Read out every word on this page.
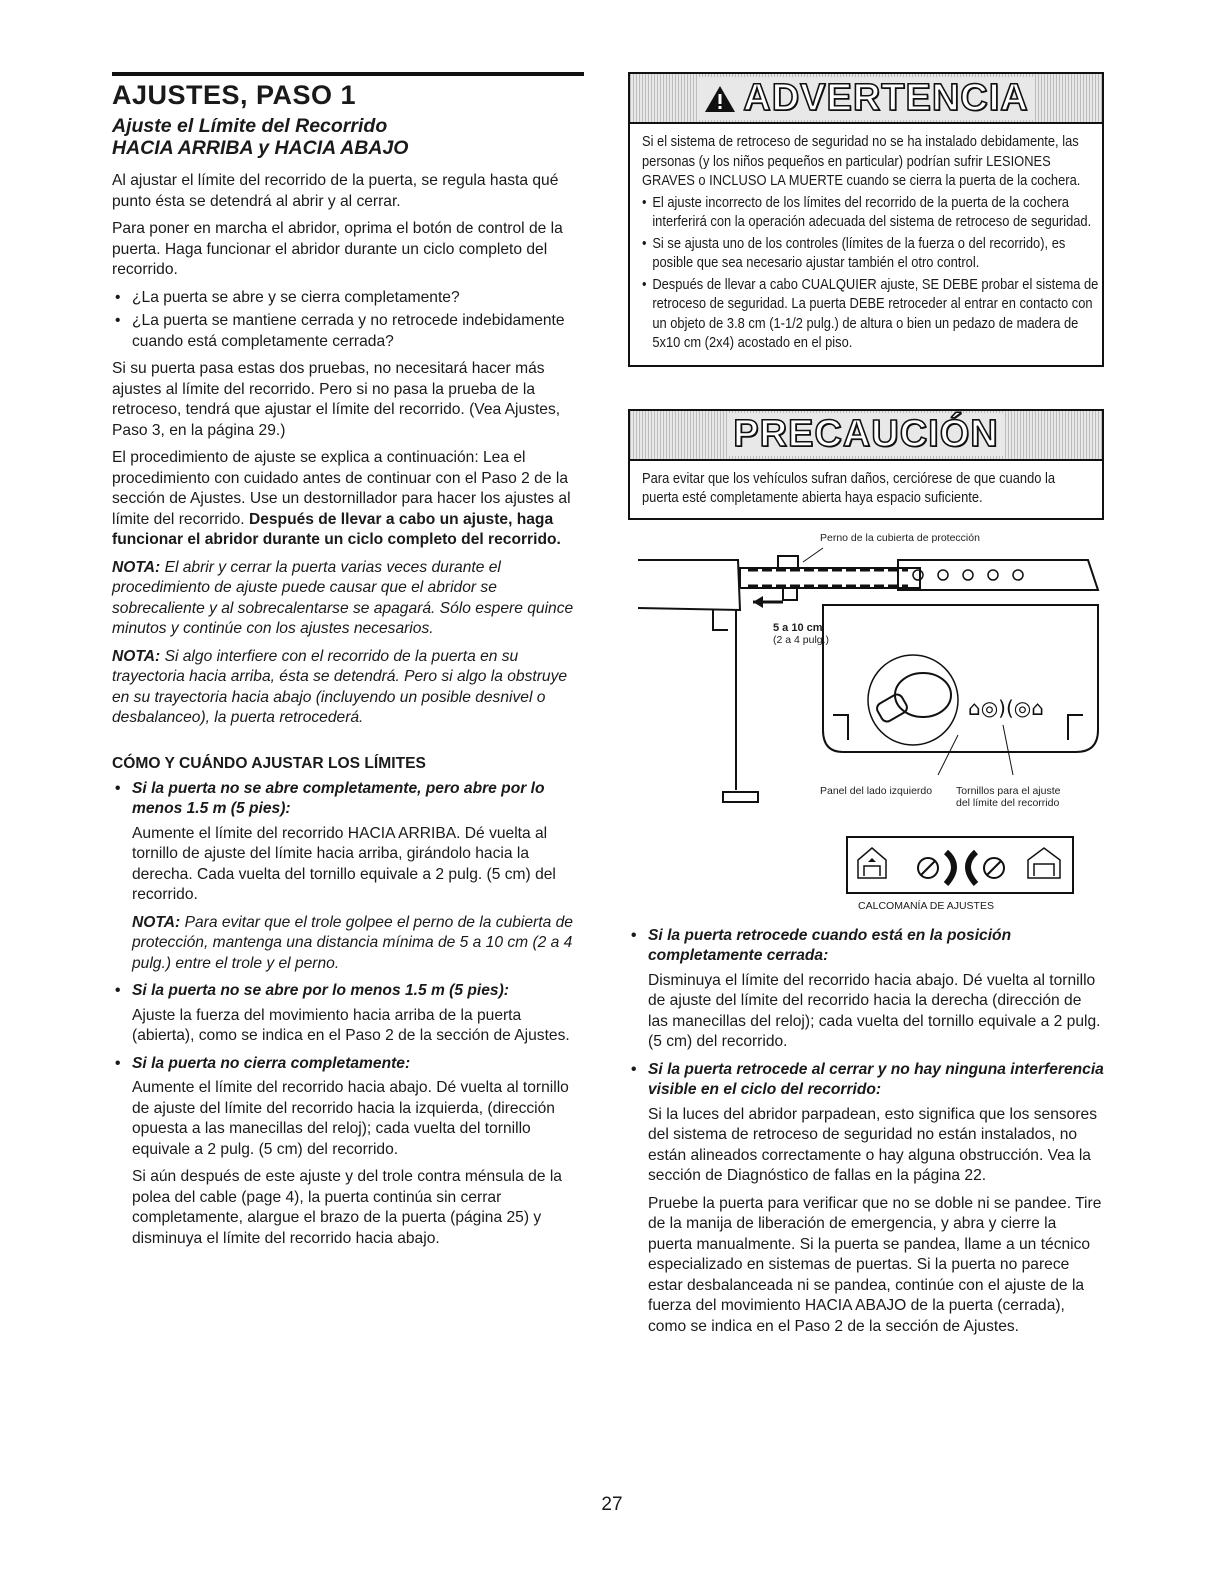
AJUSTES, PASO 1
Ajuste el Límite del Recorrido
HACIA ARRIBA y HACIA ABAJO

Al ajustar el límite del recorrido de la puerta, se regula hasta qué punto ésta se detendrá al abrir y al cerrar.

Para poner en marcha el abridor, oprima el botón de control de la puerta. Haga funcionar el abridor durante un ciclo completo del recorrido.

• ¿La puerta se abre y se cierra completamente?
• ¿La puerta se mantiene cerrada y no retrocede indebidamente cuando está completamente cerrada?

Si su puerta pasa estas dos pruebas, no necesitará hacer más ajustes al límite del recorrido. Pero si no pasa la prueba de la retroceso, tendrá que ajustar el límite del recorrido. (Vea Ajustes, Paso 3, en la página 29.)

El procedimiento de ajuste se explica a continuación: Lea el procedimiento con cuidado antes de continuar con el Paso 2 de la sección de Ajustes. Use un destornillador para hacer los ajustes al límite del recorrido. Después de llevar a cabo un ajuste, haga funcionar el abridor durante un ciclo completo del recorrido.

NOTA: El abrir y cerrar la puerta varias veces durante el procedimiento de ajuste puede causar que el abridor se sobrecaliente y al sobrecalentarse se apagará. Sólo espere quince minutos y continúe con los ajustes necesarios.

NOTA: Si algo interfiere con el recorrido de la puerta en su trayectoria hacia arriba, ésta se detendrá. Pero si algo la obstruye en su trayectoria hacia abajo (incluyendo un posible desnivel o desbalanceo), la puerta retrocederá.

CÓMO Y CUÁNDO AJUSTAR LOS LÍMITES
• Si la puerta no se abre completamente, pero abre por lo menos 1.5 m (5 pies):

Aumente el límite del recorrido HACIA ARRIBA. Dé vuelta al tornillo de ajuste del límite hacia arriba, girándolo hacia la derecha. Cada vuelta del tornillo equivale a 2 pulg. (5 cm) del recorrido.

NOTA: Para evitar que el trole golpee el perno de la cubierta de protección, mantenga una distancia mínima de 5 a 10 cm (2 a 4 pulg.) entre el trole y el perno.

• Si la puerta no se abre por lo menos 1.5 m (5 pies):

Ajuste la fuerza del movimiento hacia arriba de la puerta (abierta), como se indica en el Paso 2 de la sección de Ajustes.

• Si la puerta no cierra completamente:

Aumente el límite del recorrido hacia abajo. Dé vuelta al tornillo de ajuste del límite del recorrido hacia la izquierda, (dirección opuesta a las manecillas del reloj); cada vuelta del tornillo equivale a 2 pulg. (5 cm) del recorrido.

Si aún después de este ajuste y del trole contra ménsula de la polea del cable (page 4), la puerta continúa sin cerrar completamente, alargue el brazo de la puerta (página 25) y disminuya el límite del recorrido hacia abajo.

ADVERTENCIA

Si el sistema de retroceso de seguridad no se ha instalado debidamente, las personas (y los niños pequeños en particular) podrían sufrir LESIONES GRAVES o INCLUSO LA MUERTE cuando se cierra la puerta de la cochera.

• El ajuste incorrecto de los límites del recorrido de la puerta de la cochera interferirá con la operación adecuada del sistema de retroceso de seguridad.
• Si se ajusta uno de los controles (límites de la fuerza o del recorrido), es posible que sea necesario ajustar también el otro control.
• Después de llevar a cabo CUALQUIER ajuste, SE DEBE probar el sistema de retroceso de seguridad. La puerta DEBE retroceder al entrar en contacto con un objeto de 3.8 cm (1-1/2 pulg.) de altura o bien un pedazo de madera de 5x10 cm (2x4) acostado en el piso.
PRECAUCIÓN

Para evitar que los vehículos sufran daños, cerciórese de que cuando la puerta esté completamente abierta haya espacio suficiente.

⌂◎)(◎⌂
Perno de la cubierta de protección
5 a 10 cm
(2 a 4 pulg.)
Panel del lado izquierdo Tornillos para el ajuste
del límite del recorrido
CALCOMANÍA DE AJUSTES
• Si la puerta retrocede cuando está en la posición completamente cerrada:

Disminuya el límite del recorrido hacia abajo. Dé vuelta al tornillo de ajuste del límite del recorrido hacia la derecha (dirección de las manecillas del reloj); cada vuelta del tornillo equivale a 2 pulg. (5 cm) del recorrido.

• Si la puerta retrocede al cerrar y no hay ninguna interferencia visible en el ciclo del recorrido:

Si la luces del abridor parpadean, esto significa que los sensores del sistema de retroceso de seguridad no están instalados, no están alineados correctamente o hay alguna obstrucción. Vea la sección de Diagnóstico de fallas en la página 22.

Pruebe la puerta para verificar que no se doble ni se pandee. Tire de la manija de liberación de emergencia, y abra y cierre la puerta manualmente. Si la puerta se pandea, llame a un técnico especializado en sistemas de puertas. Si la puerta no parece estar desbalanceada ni se pandea, continúe con el ajuste de la fuerza del movimiento HACIA ABAJO de la puerta (cerrada), como se indica en el Paso 2 de la sección de Ajustes.

27
